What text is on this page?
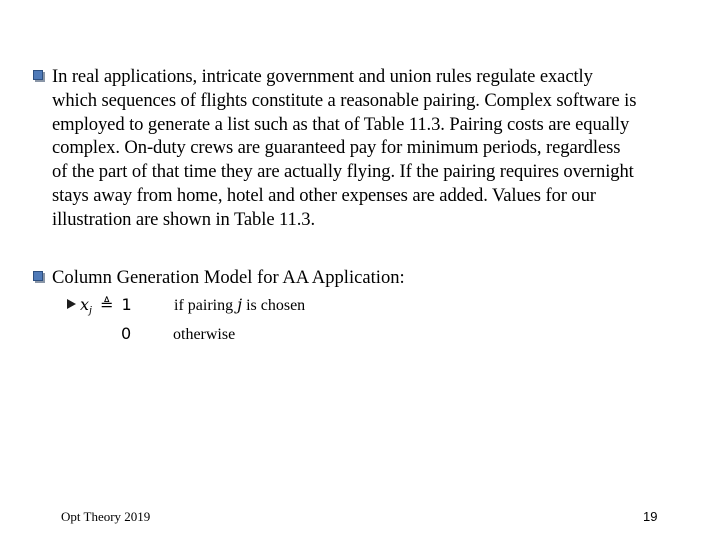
In real applications, intricate government and union rules regulate exactly
which sequences of flights constitute a reasonable pairing. Complex software is
employed to generate a list such as that of Table 11.3. Pairing costs are equally
complex. On-duty crews are guaranteed pay for minimum periods, regardless
of the part of that time they are actually flying. If the pairing requires overnight
stays away from home, hotel and other expenses are added. Values for our
illustration are shown in Table 11.3.
Column Generation Model for AA Application:
xj ≜ 1	if pairing j is chosen
0	otherwise
Opt Theory 2019	19
